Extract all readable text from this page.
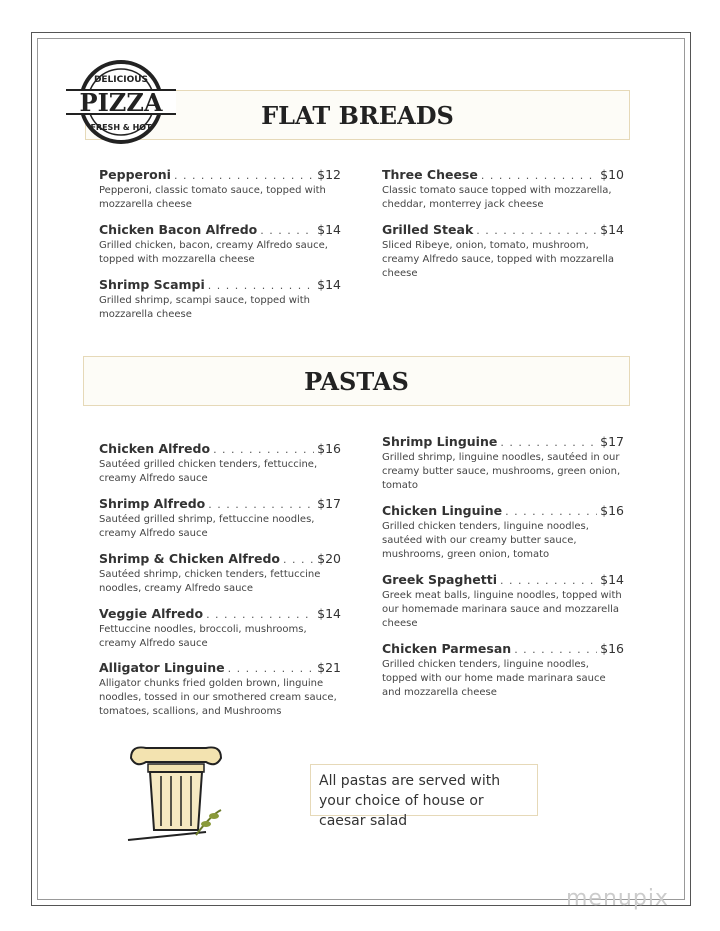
FLAT BREADS
PASTAS
PIZZA
DELICIOUS
FRESH & HOT
Pepperoni . . .	$12
Pepperoni, classic tomato sauce, topped with mozzarella cheese
Chicken Bacon Alfredo . . .	$14
Grilled chicken, bacon, creamy Alfredo sauce, topped with mozzarella cheese
Shrimp Scampi . . .	$14
Grilled shrimp, scampi sauce, topped with mozzarella cheese
Three Cheese . . .	$10
Classic tomato sauce topped with mozzarella, cheddar, monterrey jack cheese
Grilled Steak . . .	$14
Sliced Ribeye, onion, tomato, mushroom, creamy Alfredo sauce, topped with mozzarella cheese
Chicken Alfredo . . .	$16
Sautéed grilled chicken tenders, fettuccine, creamy Alfredo sauce
Shrimp Alfredo . . .	$17
Sautéed grilled shrimp, fettuccine noodles, creamy Alfredo sauce
Shrimp & Chicken Alfredo . . .	$20
Sautéed shrimp, chicken tenders, fettuccine noodles, creamy Alfredo sauce
Veggie Alfredo . . .	$14
Fettuccine noodles, broccoli, mushrooms, creamy Alfredo sauce
Alligator Linguine . . .	$21
Alligator chunks fried golden brown, linguine noodles, tossed in our smothered cream sauce, tomatoes, scallions, and Mushrooms
Shrimp Linguine . . .	$17
Grilled shrimp, linguine noodles, sautéed in our creamy butter sauce, mushrooms, green onion, tomato
Chicken Linguine . . .	$16
Grilled chicken tenders, linguine noodles, sautéed with our creamy butter sauce, mushrooms, green onion, tomato
Greek Spaghetti . . .	$14
Greek meat balls, linguine noodles, topped with our homemade marinara sauce and mozzarella cheese
Chicken Parmesan . . .	$16
Grilled chicken tenders, linguine noodles, topped with our home made marinara sauce and mozzarella cheese
All pastas are served with your choice of house or caesar salad
menupix
